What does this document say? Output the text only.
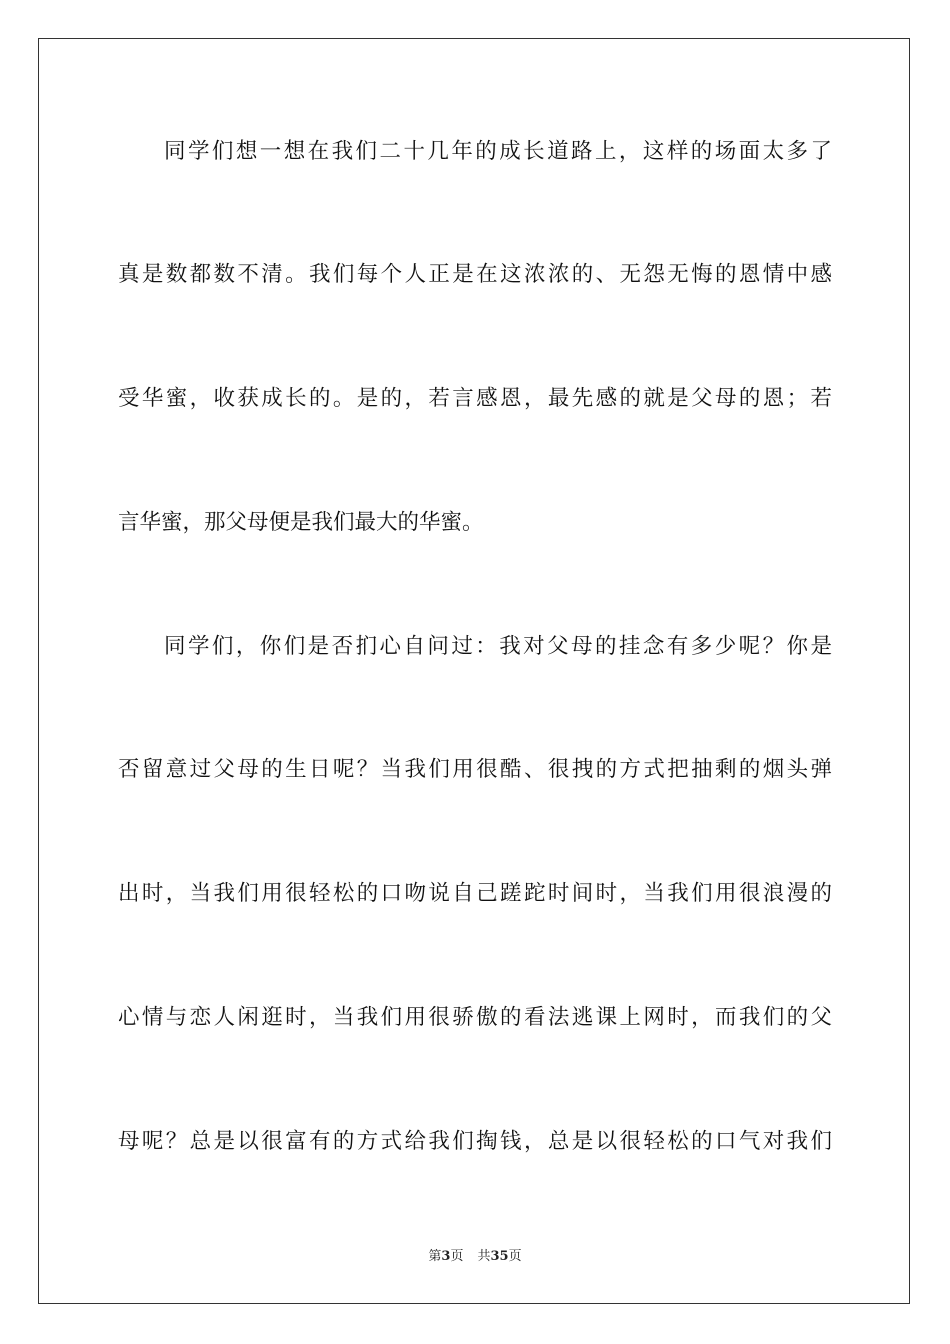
同学们想一想在我们二十几年的成长道路上，这样的场面太多了
真是数都数不清。我们每个人正是在这浓浓的、无怨无悔的恩情中感
受华蜜，收获成长的。是的，若言感恩，最先感的就是父母的恩；若
言华蜜，那父母便是我们最大的华蜜。
同学们，你们是否扪心自问过：我对父母的挂念有多少呢？你是
否留意过父母的生日呢？当我们用很酷、很拽的方式把抽剩的烟头弹
出时，当我们用很轻松的口吻说自己蹉跎时间时，当我们用很浪漫的
心情与恋人闲逛时，当我们用很骄傲的看法逃课上网时，而我们的父
母呢？总是以很富有的方式给我们掏钱，总是以很轻松的口气对我们
第3页 共35页
